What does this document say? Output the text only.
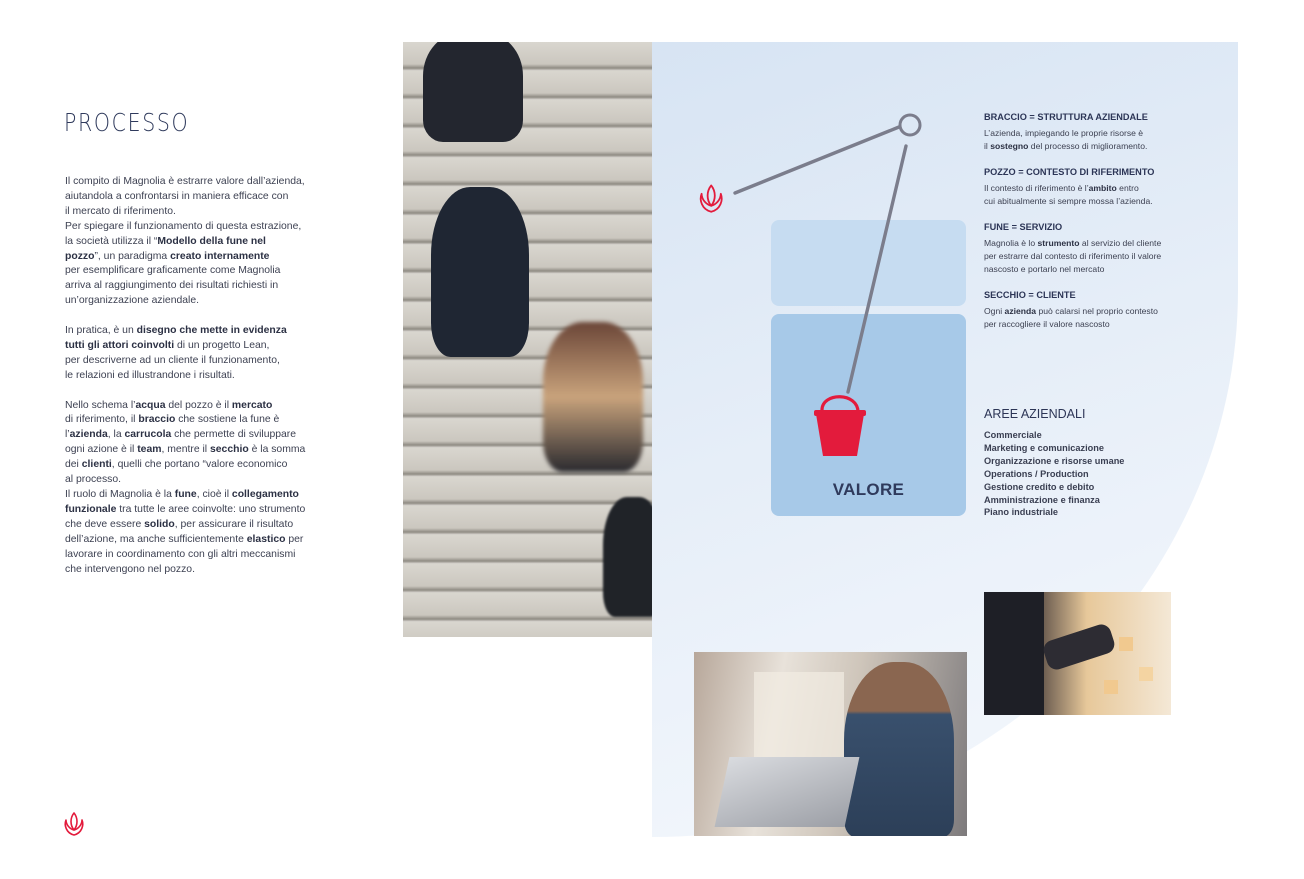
PROCESSO

Il compito di Magnolia è estrarre valore dall’azienda,
aiutandola a confrontarsi in maniera efficace con
il mercato di riferimento.
Per spiegare il funzionamento di questa estrazione,
la società utilizza il “Modello della fune nel
pozzo”, un paradigma creato internamente
per esemplificare graficamente come Magnolia
arriva al raggiungimento dei risultati richiesti in
un’organizzazione aziendale.

In pratica, è un disegno che mette in evidenza
tutti gli attori coinvolti di un progetto Lean,
per descriverne ad un cliente il funzionamento,
le relazioni ed illustrandone i risultati.

Nello schema l’acqua del pozzo è il mercato
di riferimento, il braccio che sostiene la fune è
l’azienda, la carrucola che permette di sviluppare
ogni azione è il team, mentre il secchio è la somma
dei clienti, quelli che portano “valore economico
al processo.
Il ruolo di Magnolia è la fune, cioè il collegamento
funzionale tra tutte le aree coinvolte: uno strumento
che deve essere solido, per assicurare il risultato
dell’azione, ma anche sufficientemente elastico per
lavorare in coordinamento con gli altri meccanismi
che intervengono nel pozzo.

VALORE
BRACCIO = STRUTTURA AZIENDALE

L’azienda, impiegando le proprie risorse è
il sostegno del processo di miglioramento.

POZZO = CONTESTO DI RIFERIMENTO

Il contesto di riferimento è l’ambito entro
cui abitualmente si sempre mossa l’azienda.

FUNE = SERVIZIO

Magnolia è lo strumento al servizio del cliente
per estrarre dal contesto di riferimento il valore
nascosto e portarlo nel mercato

SECCHIO = CLIENTE

Ogni azienda può calarsi nel proprio contesto
per raccogliere il valore nascosto

AREE AZIENDALI
Commerciale
Marketing e comunicazione
Organizzazione e risorse umane
Operations / Production
Gestione credito e debito
Amministrazione e finanza
Piano industriale
